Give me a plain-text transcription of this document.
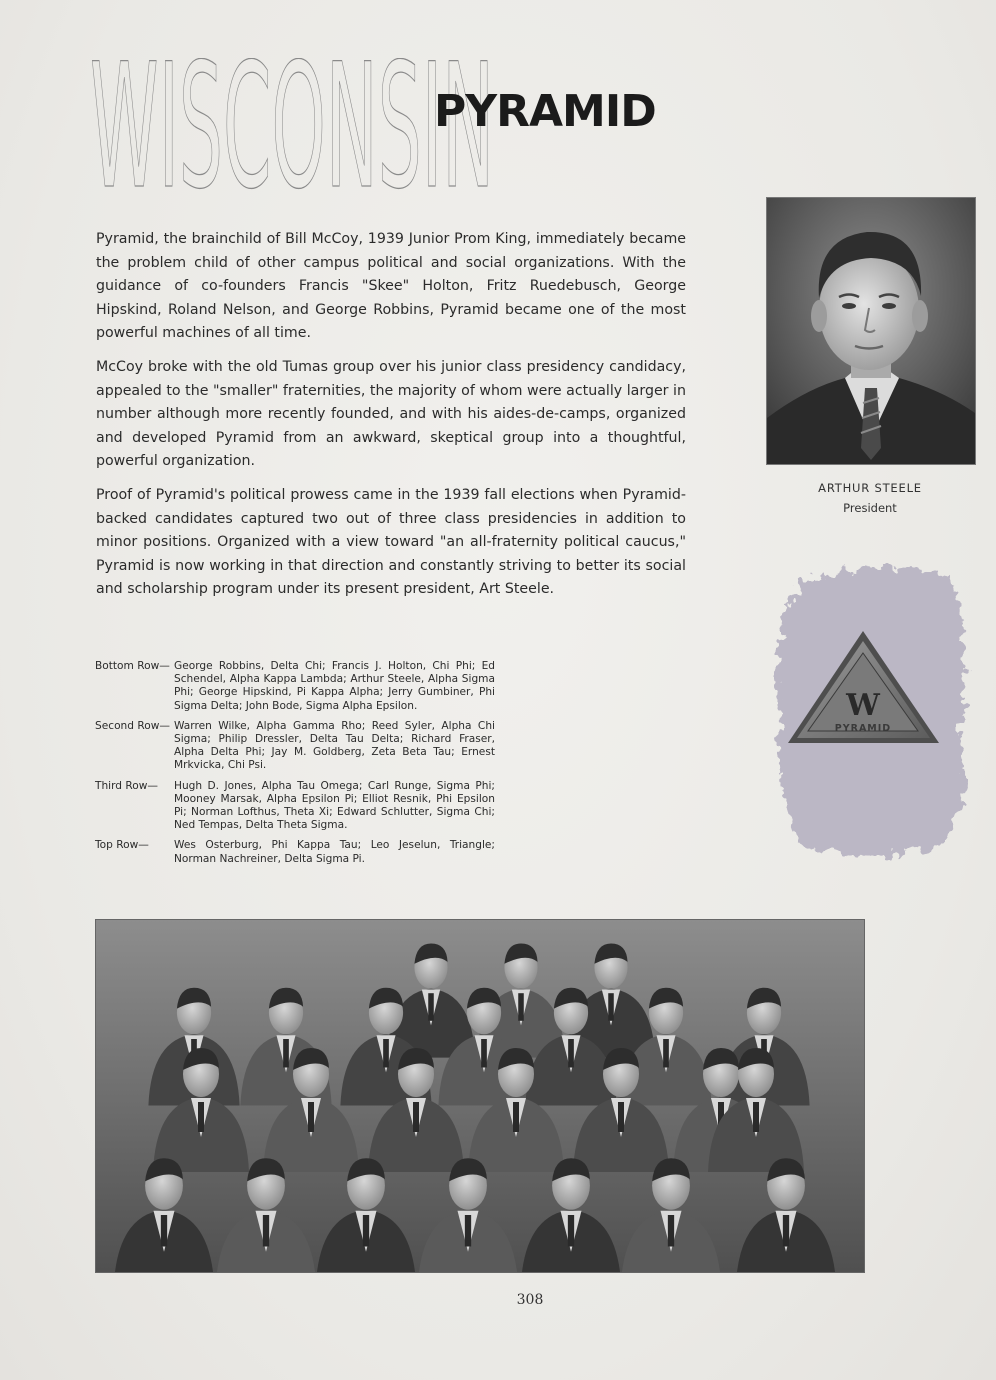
WISCONSIN
PYRAMID

Pyramid, the brainchild of Bill McCoy, 1939 Junior Prom King, immediately became the problem child of other campus political and social organizations. With the guidance of co-founders Francis "Skee" Holton, Fritz Ruedebusch, George Hipskind, Roland Nelson, and George Robbins, Pyramid became one of the most powerful machines of all time.

McCoy broke with the old Tumas group over his junior class presidency candidacy, appealed to the "smaller" fraternities, the majority of whom were actually larger in number although more recently founded, and with his aides-de-camps, organized and developed Pyramid from an awkward, skeptical group into a thoughtful, powerful organization.

Proof of Pyramid's political prowess came in the 1939 fall elections when Pyramid-backed candidates captured two out of three class presidencies in addition to minor positions. Organized with a view toward "an all-fraternity political caucus," Pyramid is now working in that direction and constantly striving to better its social and scholarship program under its present president, Art Steele.

ARTHUR STEELE
President
W
PYRAMID
Bottom Row— George Robbins, Delta Chi; Francis J. Holton, Chi Phi; Ed Schendel, Alpha Kappa Lambda; Arthur Steele, Alpha Sigma Phi; George Hipskind, Pi Kappa Alpha; Jerry Gumbiner, Phi Sigma Delta; John Bode, Sigma Alpha Epsilon.
Second Row— Warren Wilke, Alpha Gamma Rho; Reed Syler, Alpha Chi Sigma; Philip Dressler, Delta Tau Delta; Richard Fraser, Alpha Delta Phi; Jay M. Goldberg, Zeta Beta Tau; Ernest Mrkvicka, Chi Psi.
Third Row—	Hugh D. Jones, Alpha Tau Omega; Carl Runge, Sigma Phi; Mooney Marsak, Alpha Epsilon Pi; Elliot Resnik, Phi Epsilon Pi; Norman Lofthus, Theta Xi; Edward Schlutter, Sigma Chi; Ned Tempas, Delta Theta Sigma.
Top Row—	Wes Osterburg, Phi Kappa Tau; Leo Jeselun, Triangle; Norman Nachreiner, Delta Sigma Pi.
308
